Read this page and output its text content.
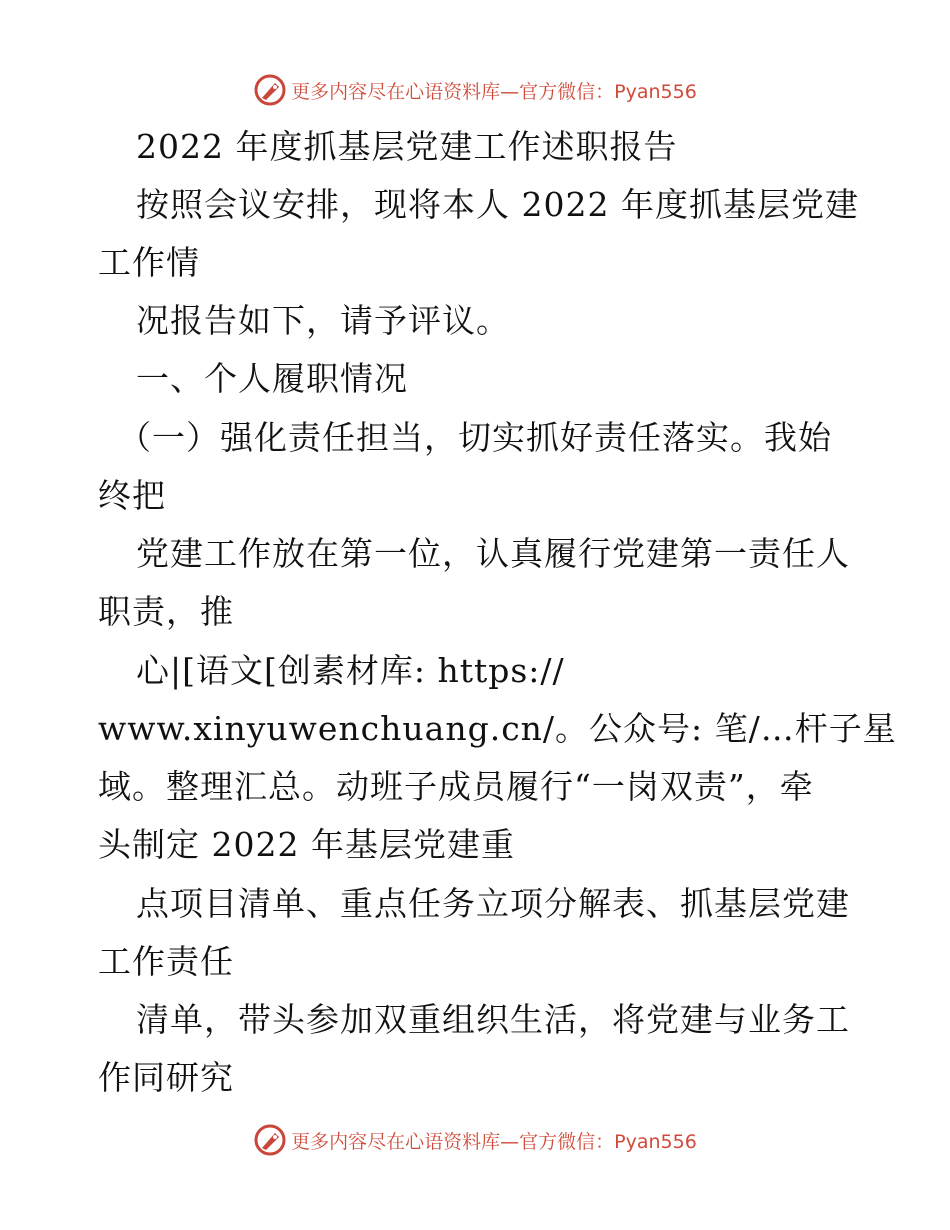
更多内容尽在心语资料库—官方微信：Pyan556
2022 年度抓基层党建工作述职报告
按照会议安排，现将本人 2022 年度抓基层党建
工作情
况报告如下，请予评议。
一、个人履职情况
（一）强化责任担当，切实抓好责任落实。我始
终把
党建工作放在第一位，认真履行党建第一责任人
职责，推
心|[语文[创素材库: https://
www.xinyuwenchuang.cn/。公众号: 笔/…杆子星
域。整理汇总。动班子成员履行“一岗双责”，牵
头制定 2022 年基层党建重
点项目清单、重点任务立项分解表、抓基层党建
工作责任
清单，带头参加双重组织生活，将党建与业务工
作同研究
更多内容尽在心语资料库—官方微信：Pyan556
